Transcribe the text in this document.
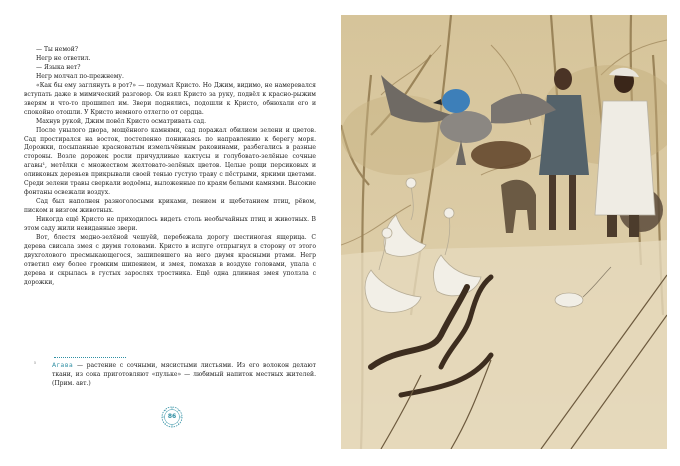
— Ты немой?

Негр не ответил.

— Языка нет?

Негр молчал по-прежнему.

«Как бы ему заглянуть в рот?» — подумал Кристо. Но Джим, видимо, не намеревался вступать даже в мимический разговор. Он взял Кристо за руку, подвёл к красно-рыжим зверям и что-то прошипел им. Звери поднялись, подошли к Кристо, обнюхали его и спокойно отошли. У Кристо немного отлегло от сердца.

Махнув рукой, Джим повёл Кристо осматривать сад.

После унылого двора, мощённого камнями, сад поражал обилием зелени и цветов. Сад простирался на восток, постепенно понижаясь по направлению к берегу моря. Дорожки, посыпанные красноватым измельчённым раковинами, разбегались в разные стороны. Возле дорожек росли причудливые кактусы и голубовато-зелёные сочные агавы¹, метёлки с множеством желтовато-зелёных цветов. Целые рощи персиковых и оливковых деревьев прикрывали своей тенью густую траву с пёстрыми, яркими цветами. Среди зелени травы сверкали водоёмы, выложенные по краям белыми камнями. Высокие фонтаны освежали воздух.

Сад был наполнен разноголосыми криками, пением и щебетанием птиц, рёвом, писком и визгом животных.

Никогда ещё Кристо не приходилось видеть столь необычайных птиц и животных. В этом саду жили невиданные звери.

Вот, блестя медно-зелёной чешуёй, перебежала дорогу шестиногая ящерица. С дерева свисала змея с двумя головами. Кристо в испуге отпрыгнул в сторону от этого двухголового пресмыкающегося, зашипевшего на него двумя красными ртами. Негр ответил ему более громким шипением, и змея, помахав в воздухе головами, упала с дерева и скрылась в густых зарослях тростника. Ещё одна длинная змея уползла с дорожки,

¹	Агава — растение с сочными, мясистыми листьями. Из его волокон делают ткани, из сока приготовляют «пульке» — любимый напиток местных жителей. (Прим. авт.)

86
